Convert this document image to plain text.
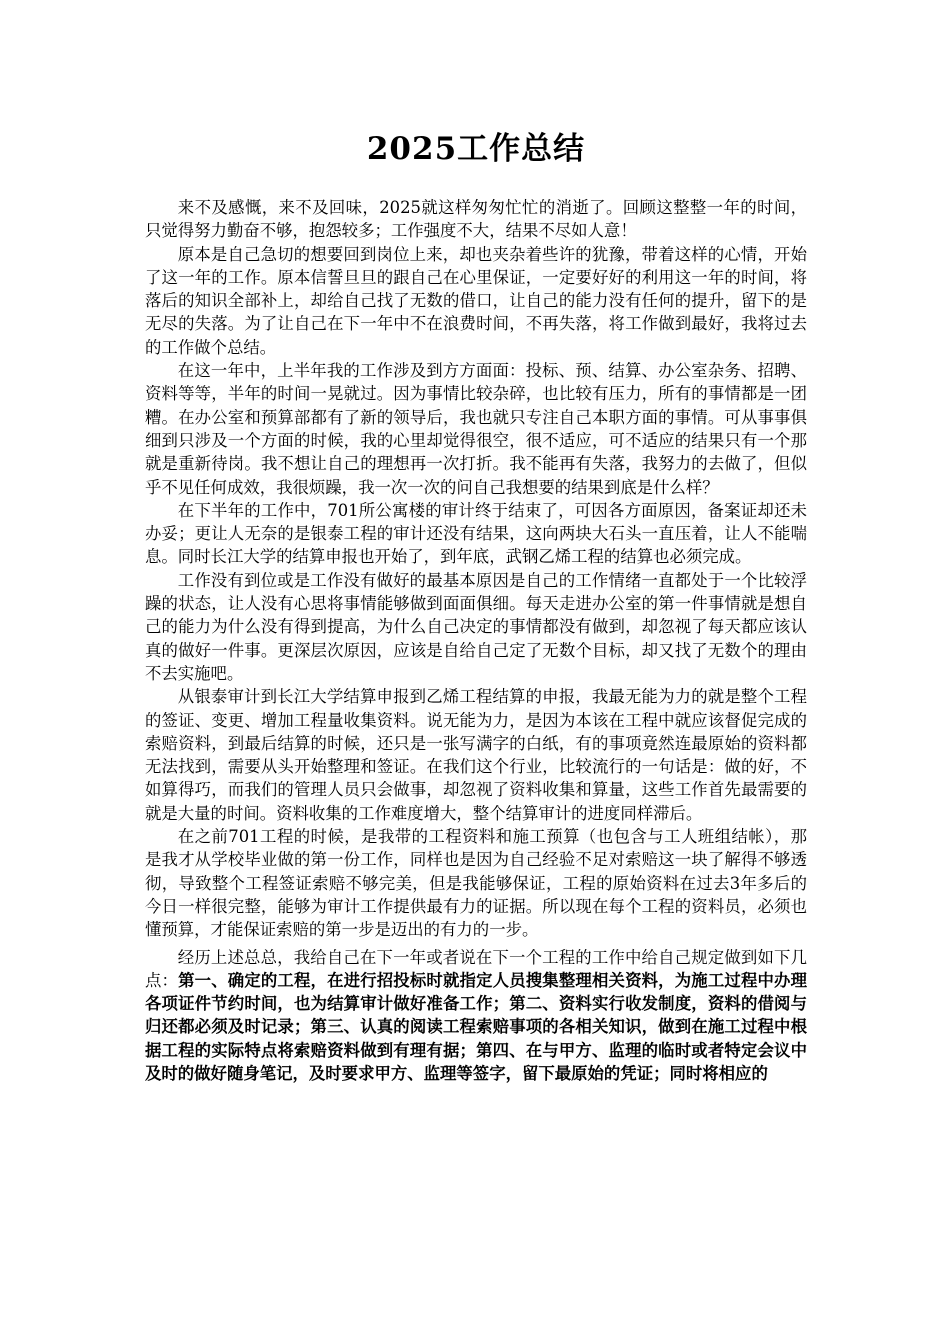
2025工作总结

来不及感慨，来不及回味，2025就这样匆匆忙忙的消逝了。回顾这整整一年的时间，只觉得努力勤奋不够，抱怨较多；工作强度不大，结果不尽如人意！

原本是自己急切的想要回到岗位上来，却也夹杂着些许的犹豫，带着这样的心情，开始了这一年的工作。原本信誓旦旦的跟自己在心里保证，一定要好好的利用这一年的时间，将落后的知识全部补上，却给自己找了无数的借口，让自己的能力没有任何的提升，留下的是无尽的失落。为了让自己在下一年中不在浪费时间，不再失落，将工作做到最好，我将过去的工作做个总结。

在这一年中，上半年我的工作涉及到方方面面：投标、预、结算、办公室杂务、招聘、资料等等，半年的时间一晃就过。因为事情比较杂碎，也比较有压力，所有的事情都是一团糟。在办公室和预算部都有了新的领导后，我也就只专注自己本职方面的事情。可从事事俱细到只涉及一个方面的时候，我的心里却觉得很空，很不适应，可不适应的结果只有一个那就是重新待岗。我不想让自己的理想再一次打折。我不能再有失落，我努力的去做了，但似乎不见任何成效，我很烦躁，我一次一次的问自己我想要的结果到底是什么样？

在下半年的工作中，701所公寓楼的审计终于结束了，可因各方面原因，备案证却还未办妥；更让人无奈的是银泰工程的审计还没有结果，这向两块大石头一直压着，让人不能喘息。同时长江大学的结算申报也开始了，到年底，武钢乙烯工程的结算也必须完成。

工作没有到位或是工作没有做好的最基本原因是自己的工作情绪一直都处于一个比较浮躁的状态，让人没有心思将事情能够做到面面俱细。每天走进办公室的第一件事情就是想自己的能力为什么没有得到提高，为什么自己决定的事情都没有做到，却忽视了每天都应该认真的做好一件事。更深层次原因，应该是自给自己定了无数个目标，却又找了无数个的理由不去实施吧。

从银泰审计到长江大学结算申报到乙烯工程结算的申报，我最无能为力的就是整个工程的签证、变更、增加工程量收集资料。说无能为力，是因为本该在工程中就应该督促完成的索赔资料，到最后结算的时候，还只是一张写满字的白纸，有的事项竟然连最原始的资料都无法找到，需要从头开始整理和签证。在我们这个行业，比较流行的一句话是：做的好，不如算得巧，而我们的管理人员只会做事，却忽视了资料收集和算量，这些工作首先最需要的就是大量的时间。资料收集的工作难度增大，整个结算审计的进度同样滞后。

在之前701工程的时候，是我带的工程资料和施工预算（也包含与工人班组结帐），那是我才从学校毕业做的第一份工作，同样也是因为自己经验不足对索赔这一块了解得不够透彻，导致整个工程签证索赔不够完美，但是我能够保证，工程的原始资料在过去3年多后的今日一样很完整，能够为审计工作提供最有力的证据。所以现在每个工程的资料员，必须也懂预算，才能保证索赔的第一步是迈出的有力的一步。

经历上述总总，我给自己在下一年或者说在下一个工程的工作中给自己规定做到如下几点：第一、确定的工程，在进行招投标时就指定人员搜集整理相关资料，为施工过程中办理各项证件节约时间，也为结算审计做好准备工作；第二、资料实行收发制度，资料的借阅与归还都必须及时记录；第三、认真的阅读工程索赔事项的各相关知识，做到在施工过程中根据工程的实际特点将索赔资料做到有理有据；第四、在与甲方、监理的临时或者特定会议中及时的做好随身笔记，及时要求甲方、监理等签字，留下最原始的凭证；同时将相应的
